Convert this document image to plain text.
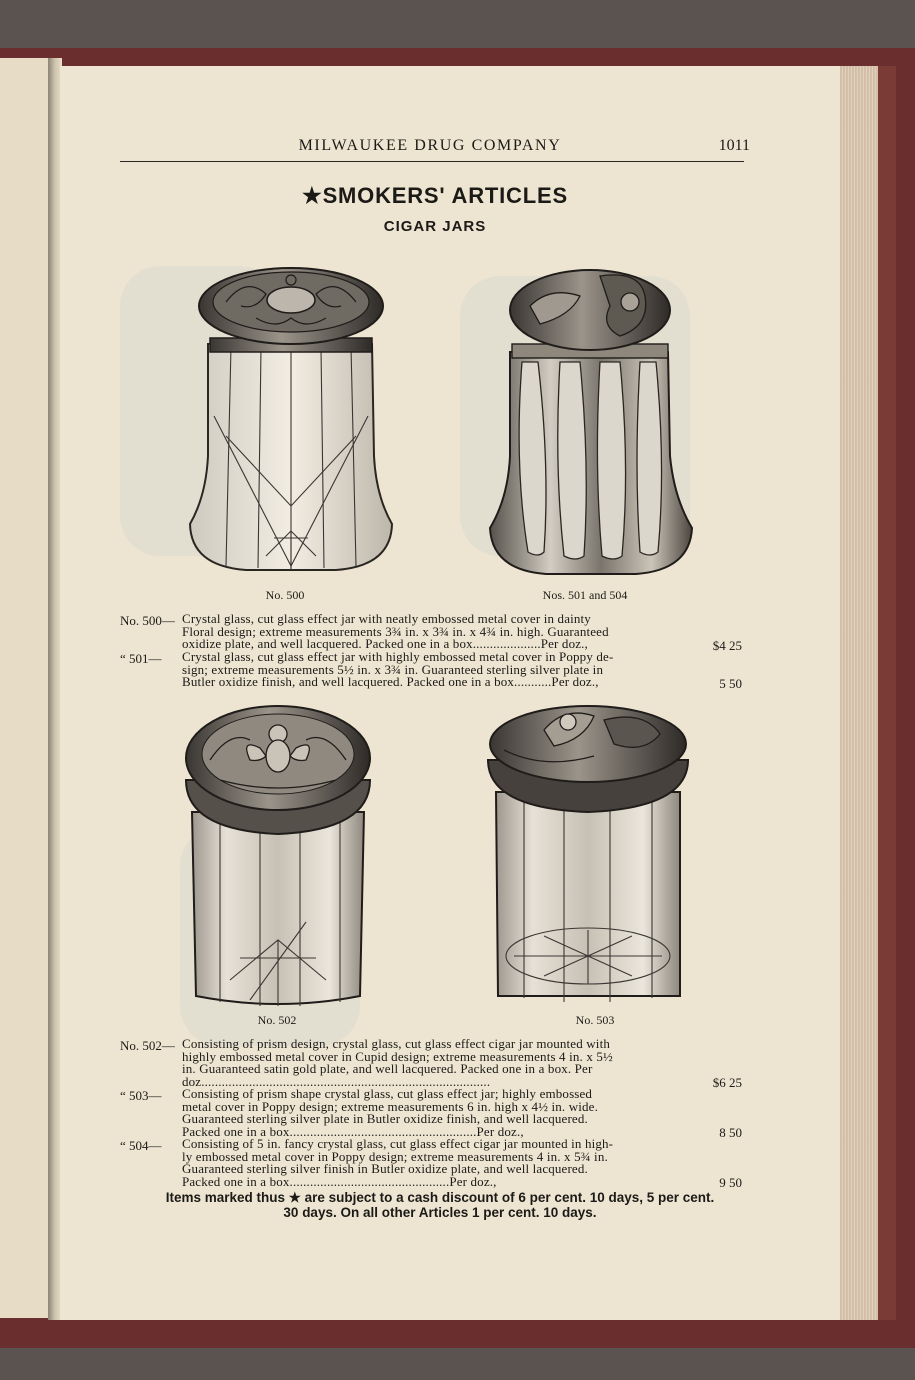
MILWAUKEE DRUG COMPANY	1011

★SMOKERS' ARTICLES

CIGAR JARS

No. 500	Nos. 501 and 504

No. 500— Crystal glass, cut glass effect jar with neatly embossed metal cover in dainty
Floral design; extreme measurements 3¾ in. x 3¾ in. x 4¾ in. high. Guaranteed
oxidize plate, and well lacquered. Packed one in a box....................Per doz.,	$4 25
“ 501— Crystal glass, cut glass effect jar with highly embossed metal cover in Poppy de-
sign; extreme measurements 5½ in. x 3¾ in. Guaranteed sterling silver plate in
Butler oxidize finish, and well lacquered. Packed one in a box...........Per doz.,	5 50

No. 502	No. 503

No. 502— Consisting of prism design, crystal glass, cut glass effect cigar jar mounted with
highly embossed metal cover in Cupid design; extreme measurements 4 in. x 5½
in. Guaranteed satin gold plate, and well lacquered. Packed one in a box. Per
doz.....................................................................................	$6 25
“ 503— Consisting of prism shape crystal glass, cut glass effect jar; highly embossed
metal cover in Poppy design; extreme measurements 6 in. high x 4½ in. wide.
Guaranteed sterling silver plate in Butler oxidize finish, and well lacquered.
Packed one in a box.......................................................Per doz.,	8 50
“ 504— Consisting of 5 in. fancy crystal glass, cut glass effect cigar jar mounted in high-
ly embossed metal cover in Poppy design; extreme measurements 4 in. x 5¾ in.
Guaranteed sterling silver finish in Butler oxidize plate, and well lacquered.
Packed one in a box...............................................Per doz.,	9 50
Items marked thus ★ are subject to a cash discount of 6 per cent. 10 days, 5 per cent.
30 days. On all other Articles 1 per cent. 10 days.
